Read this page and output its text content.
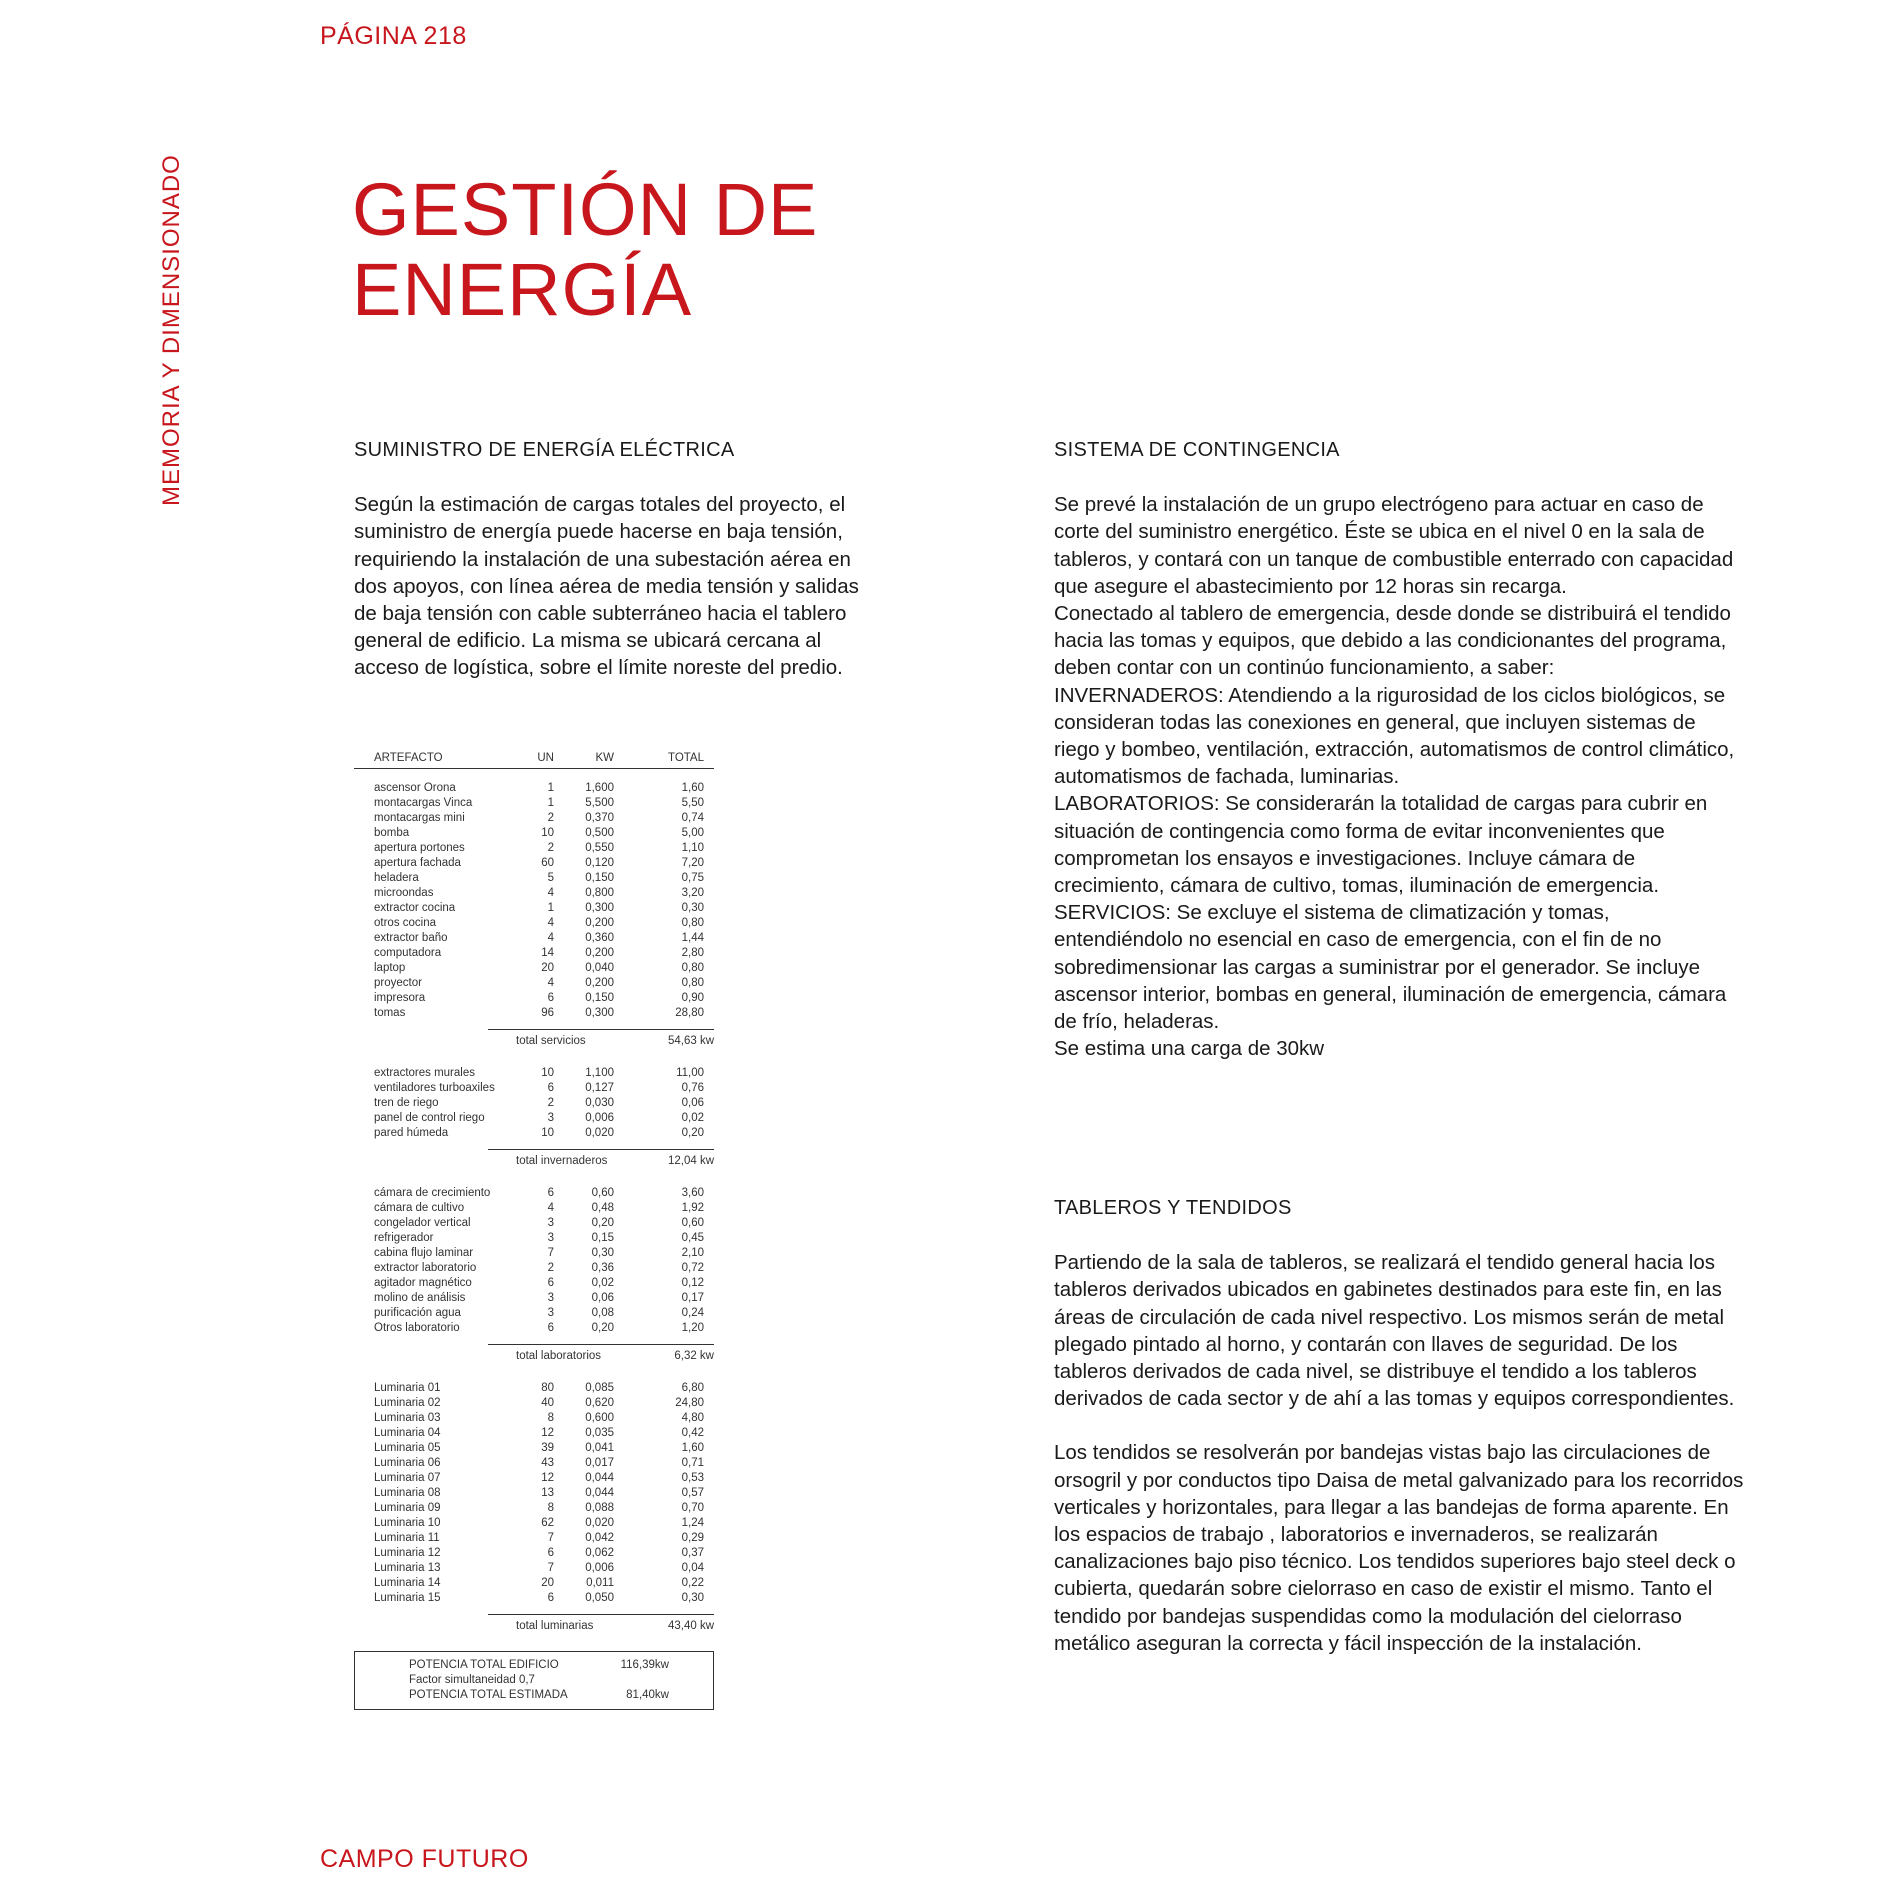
PÁGINA 218
MEMORIA Y DIMENSIONADO GESTIÓN DE
ENERGÍA

SUMINISTRO DE ENERGÍA ELÉCTRICA

Según la estimación de cargas totales del proyecto, el suministro de energía puede hacerse en baja tensión, requiriendo la instalación de una subestación aérea en dos apoyos, con línea aérea de media tensión y salidas de baja tensión con cable subterráneo hacia el tablero general de edificio. La misma se ubicará cercana al acceso de logística, sobre el límite noreste del predio.

ARTEFACTO	UN	KW	TOTAL
ascensor Orona	1	1,600	1,60
montacargas Vinca	1	5,500	5,50
montacargas mini	2	0,370	0,74
bomba	10	0,500	5,00
apertura portones	2	0,550	1,10
apertura fachada	60	0,120	7,20
heladera	5	0,150	0,75
microondas	4	0,800	3,20
extractor cocina	1	0,300	0,30
otros cocina	4	0,200	0,80
extractor baño	4	0,360	1,44
computadora	14	0,200	2,80
laptop	20	0,040	0,80
proyector	4	0,200	0,80
impresora	6	0,150	0,90
tomas	96	0,300	28,80
total servicios	54,63 kw
extractores murales	10	1,100	11,00
ventiladores turboaxiles	6	0,127	0,76
tren de riego	2	0,030	0,06
panel de control riego	3	0,006	0,02
pared húmeda	10	0,020	0,20
total invernaderos	12,04 kw
cámara de crecimiento	6	0,60	3,60
cámara de cultivo	4	0,48	1,92
congelador vertical	3	0,20	0,60
refrigerador	3	0,15	0,45
cabina flujo laminar	7	0,30	2,10
extractor laboratorio	2	0,36	0,72
agitador magnético	6	0,02	0,12
molino de análisis	3	0,06	0,17
purificación agua	3	0,08	0,24
Otros laboratorio	6	0,20	1,20
total laboratorios	6,32 kw
Luminaria 01	80	0,085	6,80
Luminaria 02	40	0,620	24,80
Luminaria 03	8	0,600	4,80
Luminaria 04	12	0,035	0,42
Luminaria 05	39	0,041	1,60
Luminaria 06	43	0,017	0,71
Luminaria 07	12	0,044	0,53
Luminaria 08	13	0,044	0,57
Luminaria 09	8	0,088	0,70
Luminaria 10	62	0,020	1,24
Luminaria 11	7	0,042	0,29
Luminaria 12	6	0,062	0,37
Luminaria 13	7	0,006	0,04
Luminaria 14	20	0,011	0,22
Luminaria 15	6	0,050	0,30
total luminarias	43,40 kw
POTENCIA TOTAL EDIFICIO	116,39kw
Factor simultaneidad 0,7
POTENCIA TOTAL ESTIMADA	81,40kw

SISTEMA DE CONTINGENCIA

Se prevé la instalación de un grupo electrógeno para actuar en caso de corte del suministro energético. Éste se ubica en el nivel 0 en la sala de tableros, y contará con un tanque de combustible enterrado con capacidad que asegure el abastecimiento por 12 horas sin recarga.

Conectado al tablero de emergencia, desde donde se distribuirá el tendido hacia las tomas y equipos, que debido a las condicionantes del programa, deben contar con un continúo funcionamiento, a saber:

INVERNADEROS: Atendiendo a la rigurosidad de los ciclos biológicos, se consideran todas las conexiones en general, que incluyen sistemas de riego y bombeo, ventilación, extracción, automatismos de control climático, automatismos de fachada, luminarias.

LABORATORIOS: Se considerarán la totalidad de cargas para cubrir en situación de contingencia como forma de evitar inconvenientes que comprometan los ensayos e investigaciones. Incluye cámara de crecimiento, cámara de cultivo, tomas, iluminación de emergencia.

SERVICIOS: Se excluye el sistema de climatización y tomas, entendiéndolo no esencial en caso de emergencia, con el fin de no sobredimensionar las cargas a suministrar por el generador. Se incluye ascensor interior, bombas en general, iluminación de emergencia, cámara de frío, heladeras.

Se estima una carga de 30kw

TABLEROS Y TENDIDOS

Partiendo de la sala de tableros, se realizará el tendido general hacia los tableros derivados ubicados en gabinetes destinados para este fin, en las áreas de circulación de cada nivel respectivo. Los mismos serán de metal plegado pintado al horno, y contarán con llaves de seguridad. De los tableros derivados de cada nivel, se distribuye el tendido a los tableros derivados de cada sector y de ahí a las tomas y equipos correspondientes.

Los tendidos se resolverán por bandejas vistas bajo las circulaciones de orsogril y por conductos tipo Daisa de metal galvanizado para los recorridos verticales y horizontales, para llegar a las bandejas de forma aparente. En los espacios de trabajo , laboratorios e invernaderos, se realizarán canalizaciones bajo piso técnico. Los tendidos superiores bajo steel deck o cubierta, quedarán sobre cielorraso en caso de existir el mismo. Tanto el tendido por bandejas suspendidas como la modulación del cielorraso metálico aseguran la correcta y fácil inspección de la instalación.

CAMPO FUTURO
